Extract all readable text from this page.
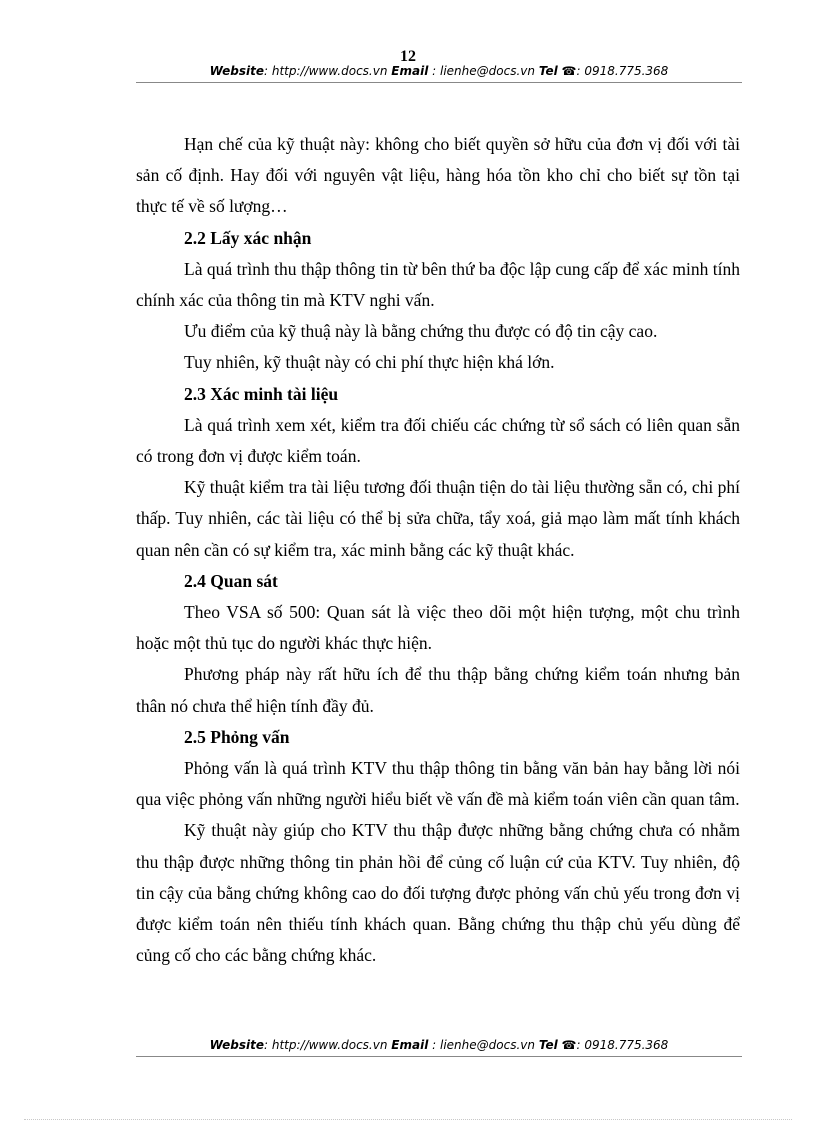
12
Website: http://www.docs.vn Email : lienhe@docs.vn Tel ☎: 0918.775.368

Hạn chế của kỹ thuật này: không cho biết quyền sở hữu của đơn vị đối với tài sản cố định. Hay đối với nguyên vật liệu, hàng hóa tồn kho chỉ cho biết sự tồn tại thực tế về số lượng…

2.2 Lấy xác nhận

Là quá trình thu thập thông tin từ bên thứ ba độc lập cung cấp để xác minh tính chính xác của thông tin mà KTV nghi vấn.

Ưu điểm của kỹ thuậ này là bằng chứng thu được có độ tin cậy cao.

Tuy nhiên, kỹ thuật này có chi phí thực hiện khá lớn.

2.3 Xác minh tài liệu

Là quá trình xem xét, kiểm tra đối chiếu các chứng từ sổ sách có liên quan sẵn có trong đơn vị được kiểm toán.

Kỹ thuật kiểm tra tài liệu tương đối thuận tiện do tài liệu thường sẵn có, chi phí thấp. Tuy nhiên, các tài liệu có thể bị sửa chữa, tẩy xoá, giả mạo làm mất tính khách quan nên cần có sự kiểm tra, xác minh bằng các kỹ thuật khác.

2.4 Quan sát

Theo VSA số 500: Quan sát là việc theo dõi một hiện tượng, một chu trình hoặc một thủ tục do người khác thực hiện.

Phương pháp này rất hữu ích để thu thập bằng chứng kiểm toán nhưng bản thân nó chưa thể hiện tính đầy đủ.

2.5 Phỏng vấn

Phỏng vấn là quá trình KTV thu thập thông tin bằng văn bản hay bằng lời nói qua việc phỏng vấn những người hiểu biết về vấn đề mà kiểm toán viên cần quan tâm.

Kỹ thuật này giúp cho KTV thu thập được những bằng chứng chưa có nhằm thu thập được những thông tin phản hồi để củng cố luận cứ của KTV. Tuy nhiên, độ tin cậy của bằng chứng không cao do đối tượng được phỏng vấn chủ yếu trong đơn vị được kiểm toán nên thiếu tính khách quan. Bằng chứng thu thập chủ yếu dùng để củng cố cho các bằng chứng khác.

Website: http://www.docs.vn Email : lienhe@docs.vn Tel ☎: 0918.775.368
